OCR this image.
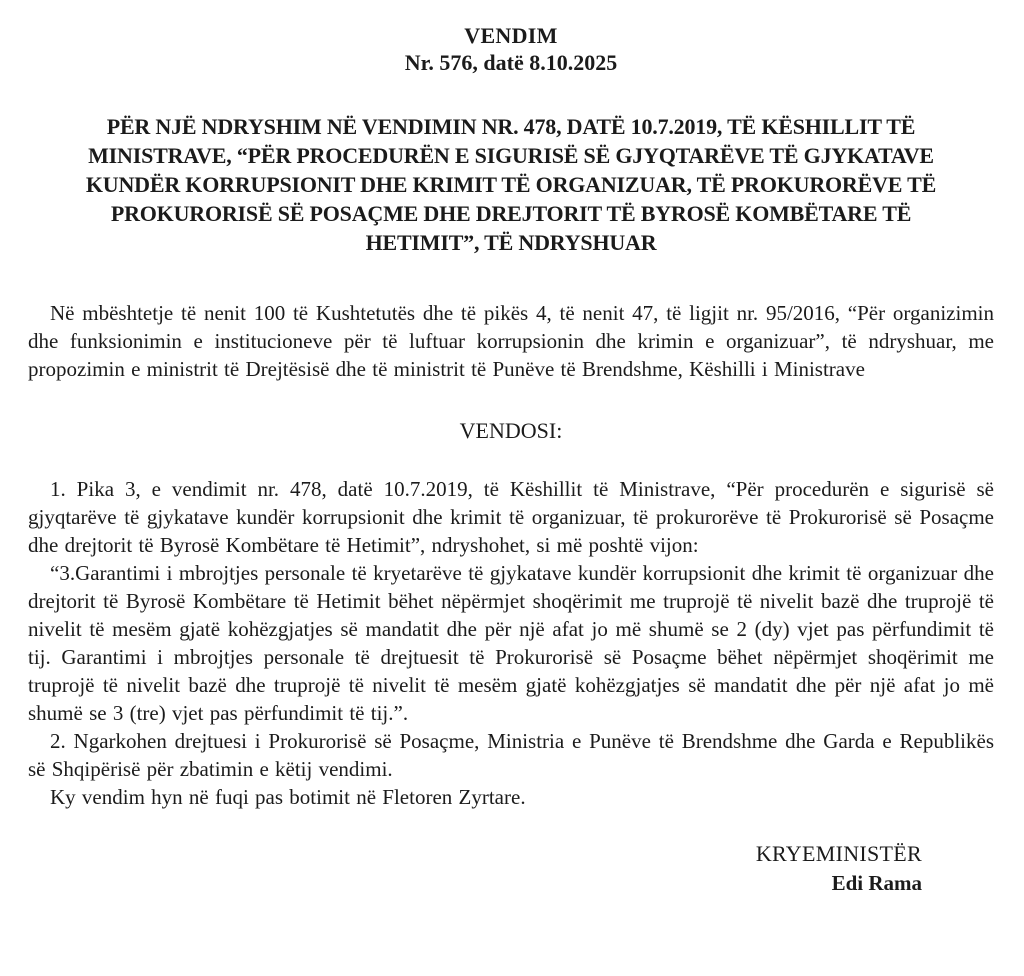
VENDIM
Nr. 576, datë 8.10.2025
PËR NJË NDRYSHIM NË VENDIMIN NR. 478, DATË 10.7.2019, TË KËSHILLIT TË MINISTRAVE, “PËR PROCEDURËN E SIGURISË SË GJYQTARËVE TË GJYKATAVE KUNDËR KORRUPSIONIT DHE KRIMIT TË ORGANIZUAR, TË PROKURORËVE TË PROKURORISË SË POSAÇME DHE DREJTORIT TË BYROSË KOMBËTARE TË HETIMIT”, TË NDRYSHUAR

Në mbështetje të nenit 100 të Kushtetutës dhe të pikës 4, të nenit 47, të ligjit nr. 95/2016, “Për organizimin dhe funksionimin e institucioneve për të luftuar korrupsionin dhe krimin e organizuar”, të ndryshuar, me propozimin e ministrit të Drejtësisë dhe të ministrit të Punëve të Brendshme, Këshilli i Ministrave

VENDOSI:

1. Pika 3, e vendimit nr. 478, datë 10.7.2019, të Këshillit të Ministrave, “Për procedurën e sigurisë së gjyqtarëve të gjykatave kundër korrupsionit dhe krimit të organizuar, të prokurorëve të Prokurorisë së Posaçme dhe drejtorit të Byrosë Kombëtare të Hetimit”, ndryshohet, si më poshtë vijon:

“3.Garantimi i mbrojtjes personale të kryetarëve të gjykatave kundër korrupsionit dhe krimit të organizuar dhe drejtorit të Byrosë Kombëtare të Hetimit bëhet nëpërmjet shoqërimit me truprojë të nivelit bazë dhe truprojë të nivelit të mesëm gjatë kohëzgjatjes së mandatit dhe për një afat jo më shumë se 2 (dy) vjet pas përfundimit të tij. Garantimi i mbrojtjes personale të drejtuesit të Prokurorisë së Posaçme bëhet nëpërmjet shoqërimit me truprojë të nivelit bazë dhe truprojë të nivelit të mesëm gjatë kohëzgjatjes së mandatit dhe për një afat jo më shumë se 3 (tre) vjet pas përfundimit të tij.”.

2. Ngarkohen drejtuesi i Prokurorisë së Posaçme, Ministria e Punëve të Brendshme dhe Garda e Republikës së Shqipërisë për zbatimin e këtij vendimi.

Ky vendim hyn në fuqi pas botimit në Fletoren Zyrtare.

KRYEMINISTËR
Edi Rama
